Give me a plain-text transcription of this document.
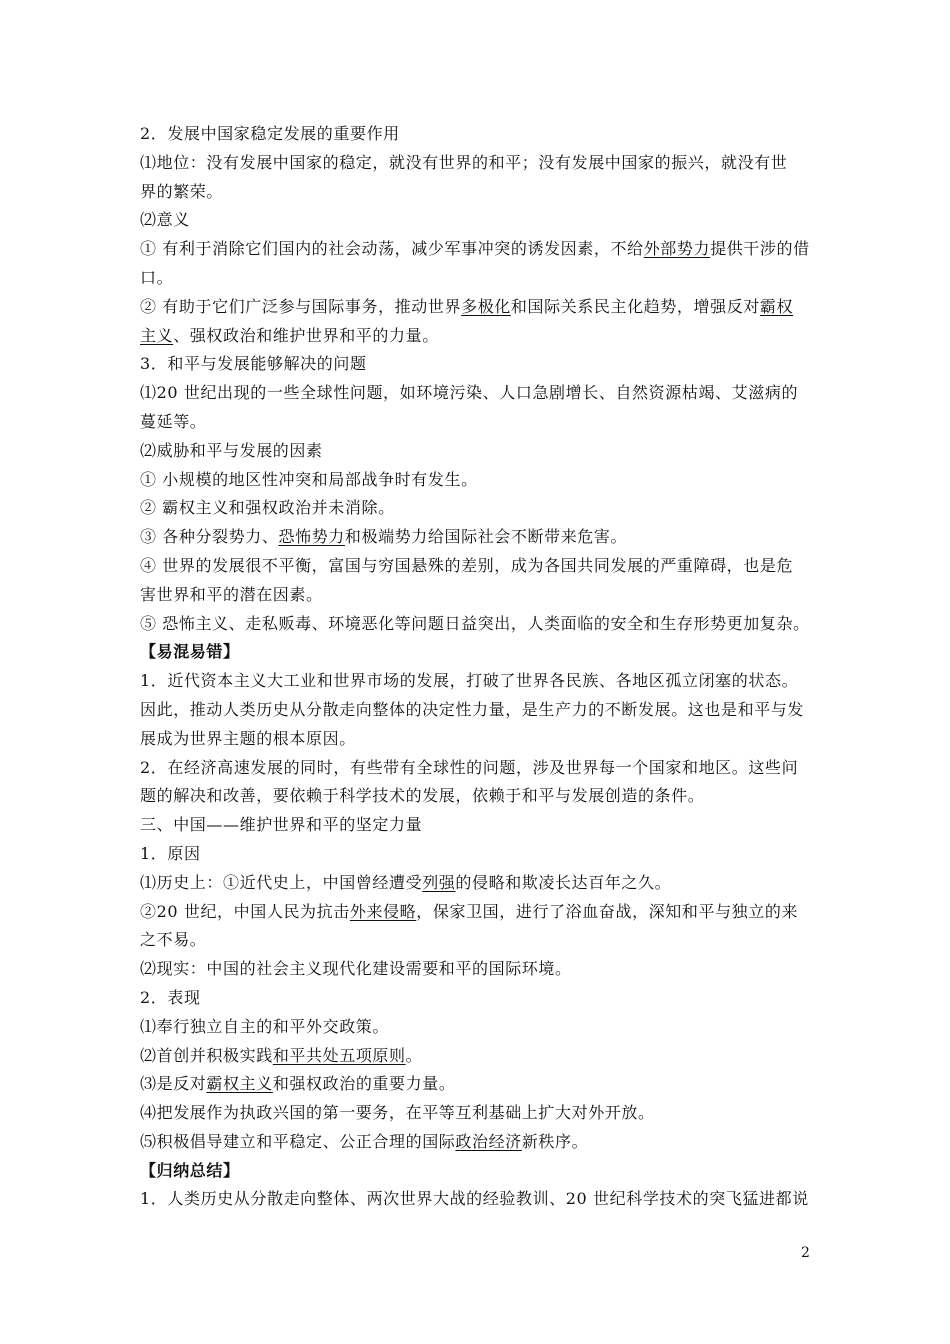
2．发展中国家稳定发展的重要作用
⑴地位：没有发展中国家的稳定，就没有世界的和平；没有发展中国家的振兴，就没有世
界的繁荣。
⑵意义
① 有利于消除它们国内的社会动荡，减少军事冲突的诱发因素，不给外部势力提供干涉的借
口。
② 有助于它们广泛参与国际事务，推动世界多极化和国际关系民主化趋势，增强反对霸权
主义、强权政治和维护世界和平的力量。
3．和平与发展能够解决的问题
⑴20 世纪出现的一些全球性问题，如环境污染、人口急剧增长、自然资源枯竭、艾滋病的
蔓延等。
⑵威胁和平与发展的因素
① 小规模的地区性冲突和局部战争时有发生。
② 霸权主义和强权政治并未消除。
③ 各种分裂势力、恐怖势力和极端势力给国际社会不断带来危害。
④ 世界的发展很不平衡，富国与穷国悬殊的差别，成为各国共同发展的严重障碍，也是危
害世界和平的潜在因素。
⑤ 恐怖主义、走私贩毒、环境恶化等问题日益突出，人类面临的安全和生存形势更加复杂。
【易混易错】
1．近代资本主义大工业和世界市场的发展，打破了世界各民族、各地区孤立闭塞的状态。
因此，推动人类历史从分散走向整体的决定性力量，是生产力的不断发展。这也是和平与发
展成为世界主题的根本原因。
2．在经济高速发展的同时，有些带有全球性的问题，涉及世界每一个国家和地区。这些问
题的解决和改善，要依赖于科学技术的发展，依赖于和平与发展创造的条件。
三、中国——维护世界和平的坚定力量
1．原因
⑴历史上：①近代史上，中国曾经遭受列强的侵略和欺凌长达百年之久。
②20 世纪，中国人民为抗击外来侵略，保家卫国，进行了浴血奋战，深知和平与独立的来
之不易。
⑵现实：中国的社会主义现代化建设需要和平的国际环境。
2．表现
⑴奉行独立自主的和平外交政策。
⑵首创并积极实践和平共处五项原则。
⑶是反对霸权主义和强权政治的重要力量。
⑷把发展作为执政兴国的第一要务，在平等互利基础上扩大对外开放。
⑸积极倡导建立和平稳定、公正合理的国际政治经济新秩序。
【归纳总结】
1．人类历史从分散走向整体、两次世界大战的经验教训、20 世纪科学技术的突飞猛进都说
2
